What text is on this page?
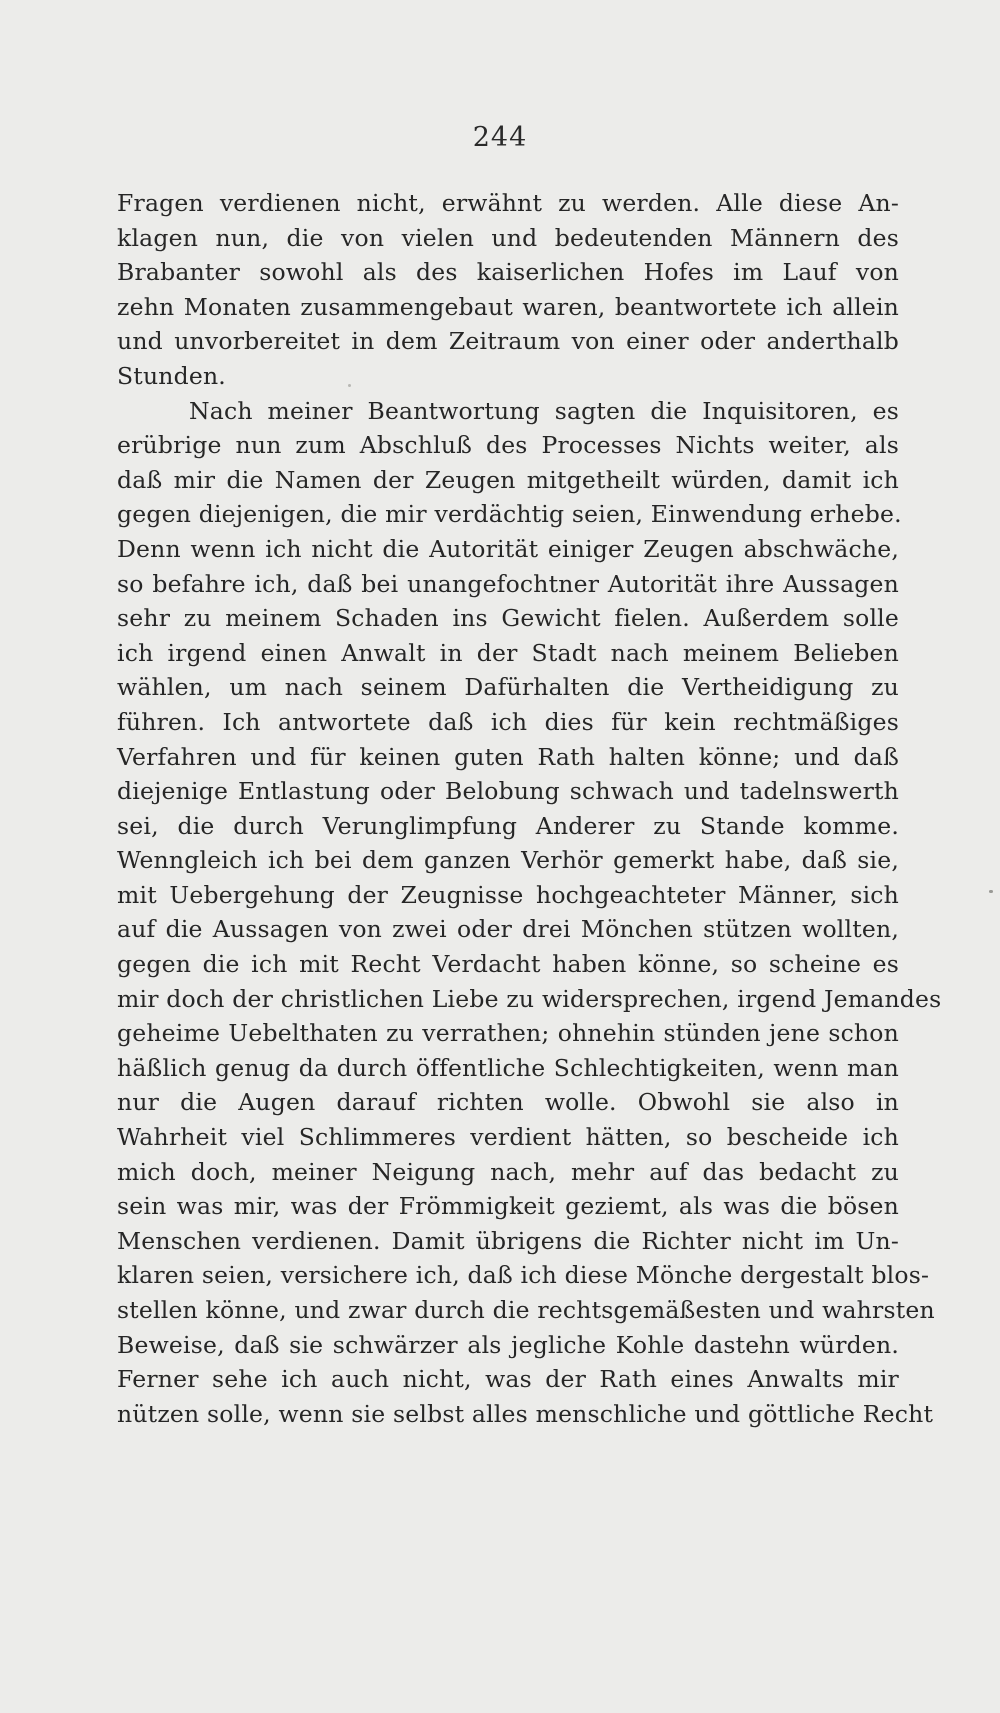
244
Fragen verdienen nicht, erwähnt zu werden. Alle diese An-
klagen nun, die von vielen und bedeutenden Männern des
Brabanter sowohl als des kaiserlichen Hofes im Lauf von
zehn Monaten zusammengebaut waren, beantwortete ich allein
und unvorbereitet in dem Zeitraum von einer oder anderthalb
Stunden.
Nach meiner Beantwortung sagten die Inquisitoren, es
erübrige nun zum Abschluß des Processes Nichts weiter, als
daß mir die Namen der Zeugen mitgetheilt würden, damit ich
gegen diejenigen, die mir verdächtig seien, Einwendung erhebe.
Denn wenn ich nicht die Autorität einiger Zeugen abschwäche,
so befahre ich, daß bei unangefochtner Autorität ihre Aussagen
sehr zu meinem Schaden ins Gewicht fielen. Außerdem solle
ich irgend einen Anwalt in der Stadt nach meinem Belieben
wählen, um nach seinem Dafürhalten die Vertheidigung zu
führen. Ich antwortete daß ich dies für kein rechtmäßiges
Verfahren und für keinen guten Rath halten könne; und daß
diejenige Entlastung oder Belobung schwach und tadelnswerth
sei, die durch Verunglimpfung Anderer zu Stande komme.
Wenngleich ich bei dem ganzen Verhör gemerkt habe, daß sie,
mit Uebergehung der Zeugnisse hochgeachteter Männer, sich
auf die Aussagen von zwei oder drei Mönchen stützen wollten,
gegen die ich mit Recht Verdacht haben könne, so scheine es
mir doch der christlichen Liebe zu widersprechen, irgend Jemandes
geheime Uebelthaten zu verrathen; ohnehin stünden jene schon
häßlich genug da durch öffentliche Schlechtigkeiten, wenn man
nur die Augen darauf richten wolle. Obwohl sie also in
Wahrheit viel Schlimmeres verdient hätten, so bescheide ich
mich doch, meiner Neigung nach, mehr auf das bedacht zu
sein was mir, was der Frömmigkeit geziemt, als was die bösen
Menschen verdienen. Damit übrigens die Richter nicht im Un-
klaren seien, versichere ich, daß ich diese Mönche dergestalt blos-
stellen könne, und zwar durch die rechtsgemäßesten und wahrsten
Beweise, daß sie schwärzer als jegliche Kohle dastehn würden.
Ferner sehe ich auch nicht, was der Rath eines Anwalts mir
nützen solle, wenn sie selbst alles menschliche und göttliche Recht
